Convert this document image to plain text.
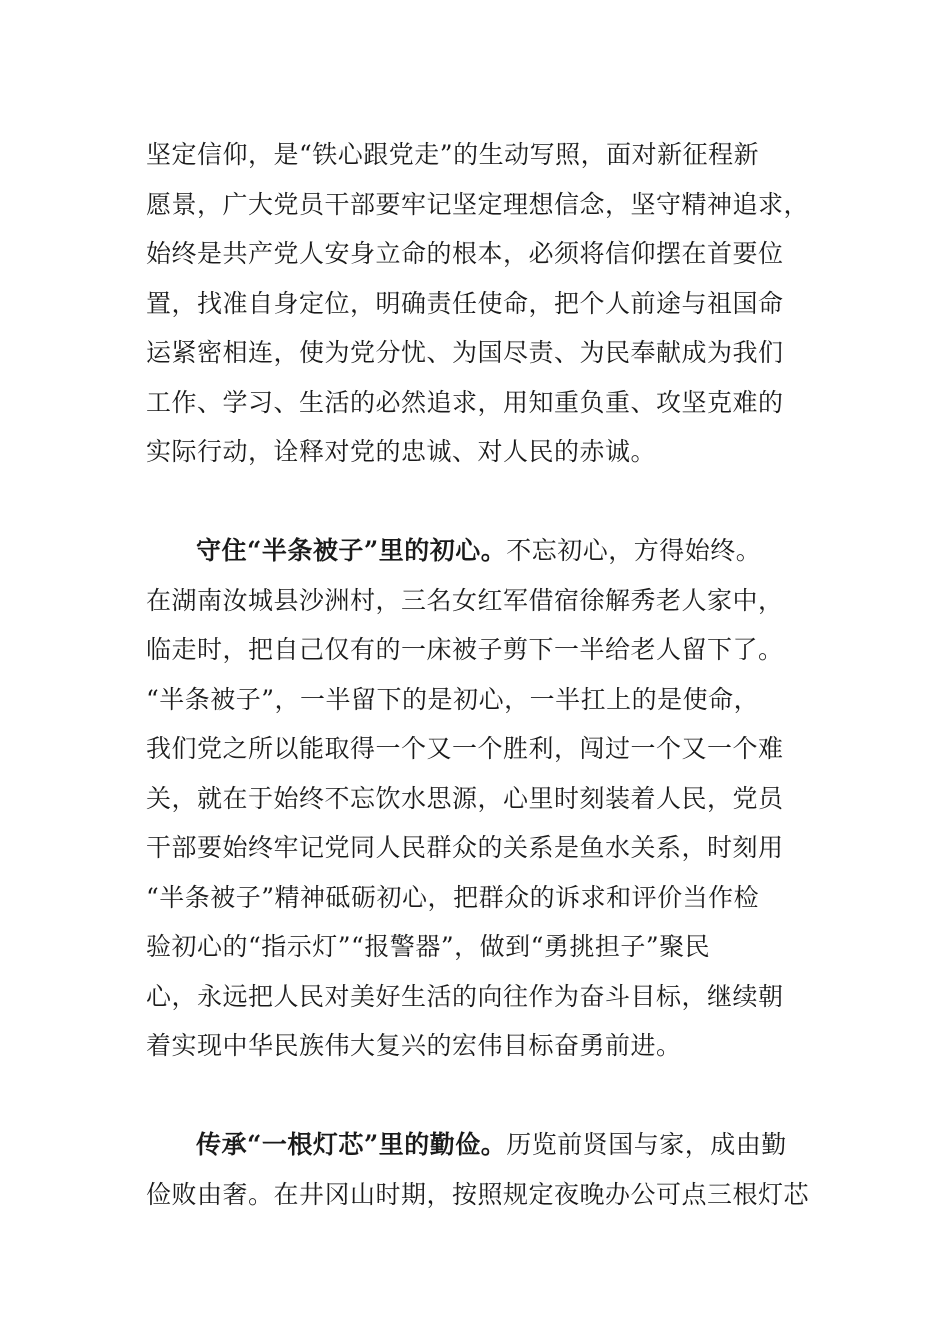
坚定信仰，是“铁心跟党走”的生动写照，面对新征程新
愿景，广大党员干部要牢记坚定理想信念，坚守精神追求，
始终是共产党人安身立命的根本，必须将信仰摆在首要位
置，找准自身定位，明确责任使命，把个人前途与祖国命
运紧密相连，使为党分忧、为国尽责、为民奉献成为我们
工作、学习、生活的必然追求，用知重负重、攻坚克难的
实际行动，诠释对党的忠诚、对人民的赤诚。
守住“半条被子”里的初心。不忘初心，方得始终。
在湖南汝城县沙洲村，三名女红军借宿徐解秀老人家中，
临走时，把自己仅有的一床被子剪下一半给老人留下了。
“半条被子”，一半留下的是初心，一半扛上的是使命，
我们党之所以能取得一个又一个胜利，闯过一个又一个难
关，就在于始终不忘饮水思源，心里时刻装着人民，党员
干部要始终牢记党同人民群众的关系是鱼水关系，时刻用
“半条被子”精神砥砺初心，把群众的诉求和评价当作检
验初心的“指示灯”“报警器”，做到“勇挑担子”聚民
心，永远把人民对美好生活的向往作为奋斗目标，继续朝
着实现中华民族伟大复兴的宏伟目标奋勇前进。
传承“一根灯芯”里的勤俭。历览前贤国与家，成由勤
俭败由奢。在井冈山时期，按照规定夜晚办公可点三根灯芯
